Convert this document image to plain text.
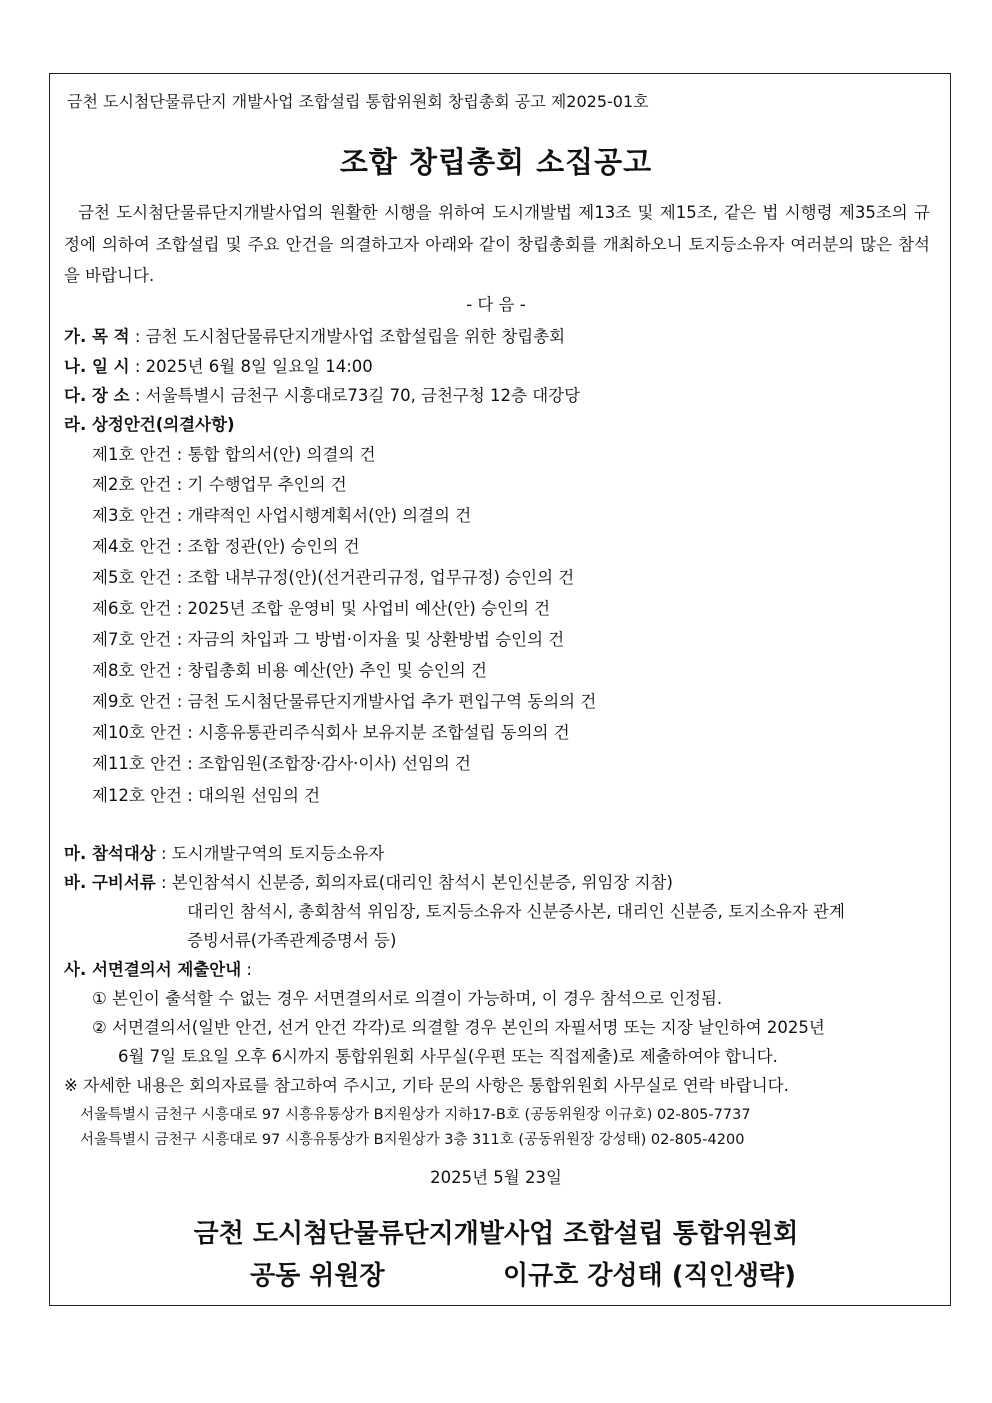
금천 도시첨단물류단지 개발사업 조합설립 통합위원회 창립총회 공고 제2025-01호
조합 창립총회 소집공고
금천 도시첨단물류단지개발사업의 원활한 시행을 위하여 도시개발법 제13조 및 제15조, 같은 법 시행령 제35조의 규정에 의하여 조합설립 및 주요 안건을 의결하고자 아래와 같이 창립총회를 개최하오니 토지등소유자 여러분의 많은 참석을 바랍니다.
- 다 음 -
가. 목 적 : 금천 도시첨단물류단지개발사업 조합설립을 위한 창립총회
나. 일 시 : 2025년 6월 8일 일요일 14:00
다. 장 소 : 서울특별시 금천구 시흥대로73길 70, 금천구청 12층 대강당
라. 상정안건(의결사항)
제1호 안건 : 통합 합의서(안) 의결의 건
제2호 안건 : 기 수행업무 추인의 건
제3호 안건 : 개략적인 사업시행계획서(안) 의결의 건
제4호 안건 : 조합 정관(안) 승인의 건
제5호 안건 : 조합 내부규정(안)(선거관리규정, 업무규정) 승인의 건
제6호 안건 : 2025년 조합 운영비 및 사업비 예산(안) 승인의 건
제7호 안건 : 자금의 차입과 그 방법·이자율 및 상환방법 승인의 건
제8호 안건 : 창립총회 비용 예산(안) 추인 및 승인의 건
제9호 안건 : 금천 도시첨단물류단지개발사업 추가 편입구역 동의의 건
제10호 안건 : 시흥유통관리주식회사 보유지분 조합설립 동의의 건
제11호 안건 : 조합임원(조합장·감사·이사) 선임의 건
제12호 안건 : 대의원 선임의 건
마. 참석대상 : 도시개발구역의 토지등소유자
바. 구비서류 : 본인참석시 신분증, 회의자료(대리인 참석시 본인신분증, 위임장 지참)
대리인 참석시, 총회참석 위임장, 토지등소유자 신분증사본, 대리인 신분증, 토지소유자 관계
증빙서류(가족관계증명서 등)
사. 서면결의서 제출안내 :
① 본인이 출석할 수 없는 경우 서면결의서로 의결이 가능하며, 이 경우 참석으로 인정됨.
② 서면결의서(일반 안건, 선거 안건 각각)로 의결할 경우 본인의 자필서명 또는 지장 날인하여 2025년
6월 7일 토요일 오후 6시까지 통합위원회 사무실(우편 또는 직접제출)로 제출하여야 합니다.
※ 자세한 내용은 회의자료를 참고하여 주시고, 기타 문의 사항은 통합위원회 사무실로 연락 바랍니다.
서울특별시 금천구 시흥대로 97 시흥유통상가 B지원상가 지하17-B호 (공동위원장 이규호) 02-805-7737
서울특별시 금천구 시흥대로 97 시흥유통상가 B지원상가 3층 311호 (공동위원장 강성태) 02-805-4200
2025년 5월 23일
금천 도시첨단물류단지개발사업 조합설립 통합위원회
공동 위원장	이규호 강성태 (직인생략)
